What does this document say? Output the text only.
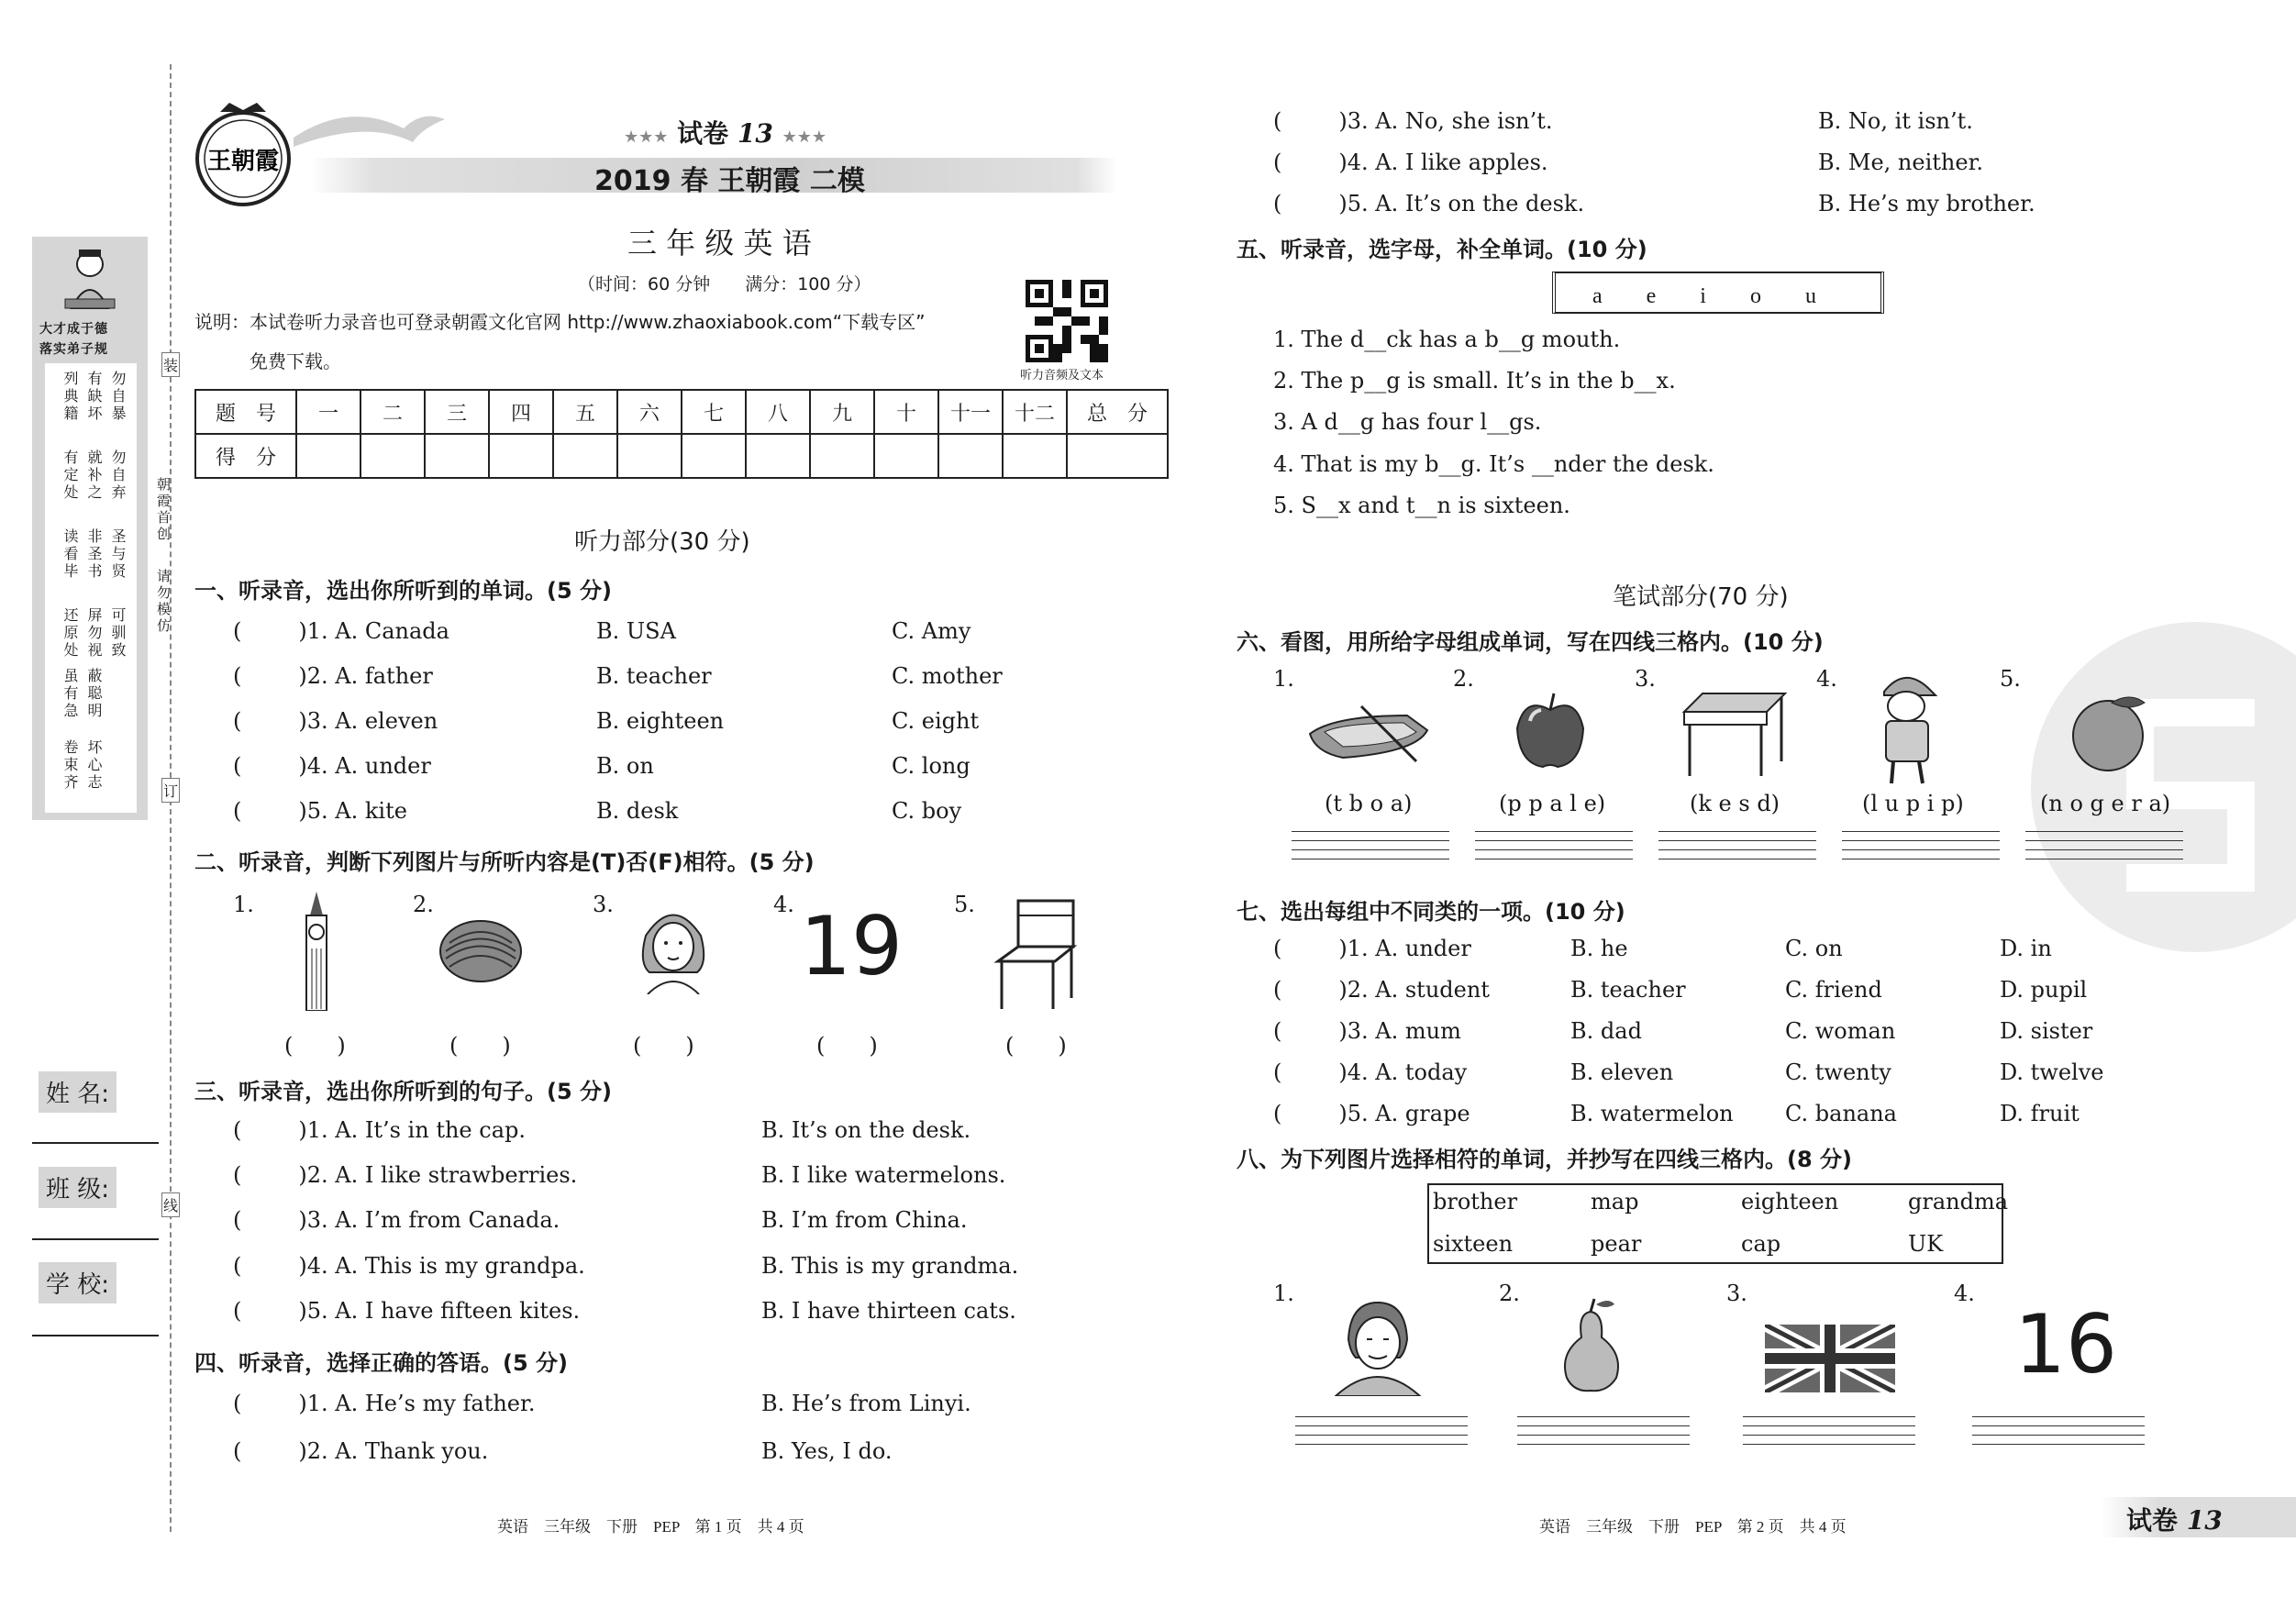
大才成于德
落实弟子规
勿自暴
有缺坏
列典籍
勿自弃
就补之
有定处
圣与贤
非圣书
读看毕
可驯致
屏勿视
还原处
蔽聪明
虽有急
坏心志
卷束齐
朝霞首创
请勿模仿
装
订
线
姓 名:
班 级:
学 校:
王朝霞
★★★ 试卷 13 ★★★
2019 春 王朝霞 二模
三 年 级 英 语
（时间：60 分钟　　满分：100 分）
说明：本试卷听力录音也可登录朝霞文化官网 http://www.zhaoxiabook.com“下载专区”
免费下载。
听力音频及文本
题　号	一	二	三	四	五	六	七	八	九	十	十一	十二	总　分
得　分													
听力部分(30 分)
一、听录音，选出你所听到的单词。(5 分)
(	)1. A. Canada	B. USA	C. Amy
(	)2. A. father	B. teacher	C. mother
(	)3. A. eleven	B. eighteen	C. eight
(	)4. A. under	B. on	C. long
(	)5. A. kite	B. desk	C. boy
二、听录音，判断下列图片与所听内容是(T)否(F)相符。(5 分)
1.	2.	3.	4.	5.
19
(　　)	(　　)	(　　)	(　　)	(　　)
三、听录音，选出你所听到的句子。(5 分)
(	)1. A. It’s in the cap.	B. It’s on the desk.
(	)2. A. I like strawberries.	B. I like watermelons.
(	)3. A. I’m from Canada.	B. I’m from China.
(	)4. A. This is my grandpa.	B. This is my grandma.
(	)5. A. I have fifteen kites.	B. I have thirteen cats.
四、听录音，选择正确的答语。(5 分)
(	)1. A. He’s my father.	B. He’s from Linyi.
(	)2. A. Thank you.	B. Yes, I do.
英语　三年级　下册　PEP　第 1 页　共 4 页
(	)3. A. No, she isn’t.	B. No, it isn’t.
(	)4. A. I like apples.	B. Me, neither.
(	)5. A. It’s on the desk.	B. He’s my brother.
五、听录音，选字母，补全单词。(10 分)
a　　e　　i　　o　　u
1. The d__ck has a b__g mouth.
2. The p__g is small. It’s in the b__x.
3. A d__g has four l__gs.
4. That is my b__g. It’s __nder the desk.
5. S__x and t__n is sixteen.
笔试部分(70 分)
六、看图，用所给字母组成单词，写在四线三格内。(10 分)
1.	2.	3.	4.	5.
(t b o a)	(p p a l e)	(k e s d)	(l u p i p)	(n o g e r a)
七、选出每组中不同类的一项。(10 分)
(	)1. A. under	B. he	C. on	D. in
(	)2. A. student	B. teacher	C. friend	D. pupil
(	)3. A. mum	B. dad	C. woman	D. sister
(	)4. A. today	B. eleven	C. twenty	D. twelve
(	)5. A. grape	B. watermelon C. banana	D. fruit
八、为下列图片选择相符的单词，并抄写在四线三格内。(8 分)
brother	map	eighteen	grandma
sixteen	pear	cap	UK
1.	2.	3.	4.
16
英语　三年级　下册　PEP　第 2 页　共 4 页	试卷 13
